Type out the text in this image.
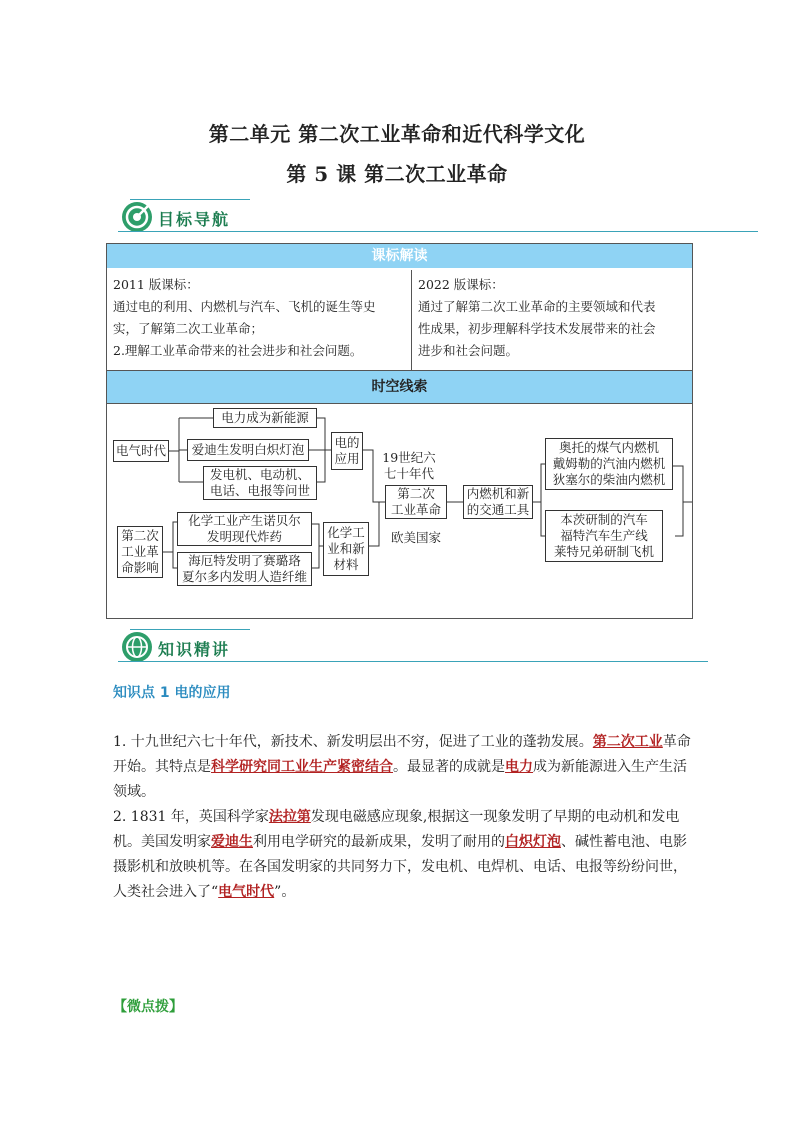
第二单元 第二次工业革命和近代科学文化
第 5 课 第二次工业革命
目标导航
课标解读
2011 版课标：
通过电的利用、内燃机与汽车、飞机的诞生等史
实，了解第二次工业革命；
2.理解工业革命带来的社会进步和社会问题。
2022 版课标：
通过了解第二次工业革命的主要领域和代表
性成果，初步理解科学技术发展带来的社会
进步和社会问题。
时空线索
电气时代
电力成为新能源
爱迪生发明白炽灯泡
发电机、电动机、
电话、电报等问世
电的
应用	19世纪六
七十年代
第二次
工业革命
欧美国家
内燃机和新
的交通工具
奥托的煤气内燃机
戴姆勒的汽油内燃机
狄塞尔的柴油内燃机
本茨研制的汽车
福特汽车生产线
莱特兄弟研制飞机
第二次
工业革
命影响
化学工业产生诺贝尔
发明现代炸药
海厄特发明了赛璐珞
夏尔多内发明人造纤维
化学工
业和新
材料
知识精讲
知识点 1 电的应用
1. 十九世纪六七十年代，新技术、新发明层出不穷，促进了工业的蓬勃发展。第二次工业革命开始。其特点是科学研究同工业生产紧密结合。最显著的成就是电力成为新能源进入生产生活领域。
2. 1831 年，英国科学家法拉第发现电磁感应现象,根据这一现象发明了早期的电动机和发电机。美国发明家爱迪生利用电学研究的最新成果，发明了耐用的白炽灯泡、碱性蓄电池、电影摄影机和放映机等。在各国发明家的共同努力下，发电机、电焊机、电话、电报等纷纷问世，人类社会进入了“电气时代”。
【微点拨】
